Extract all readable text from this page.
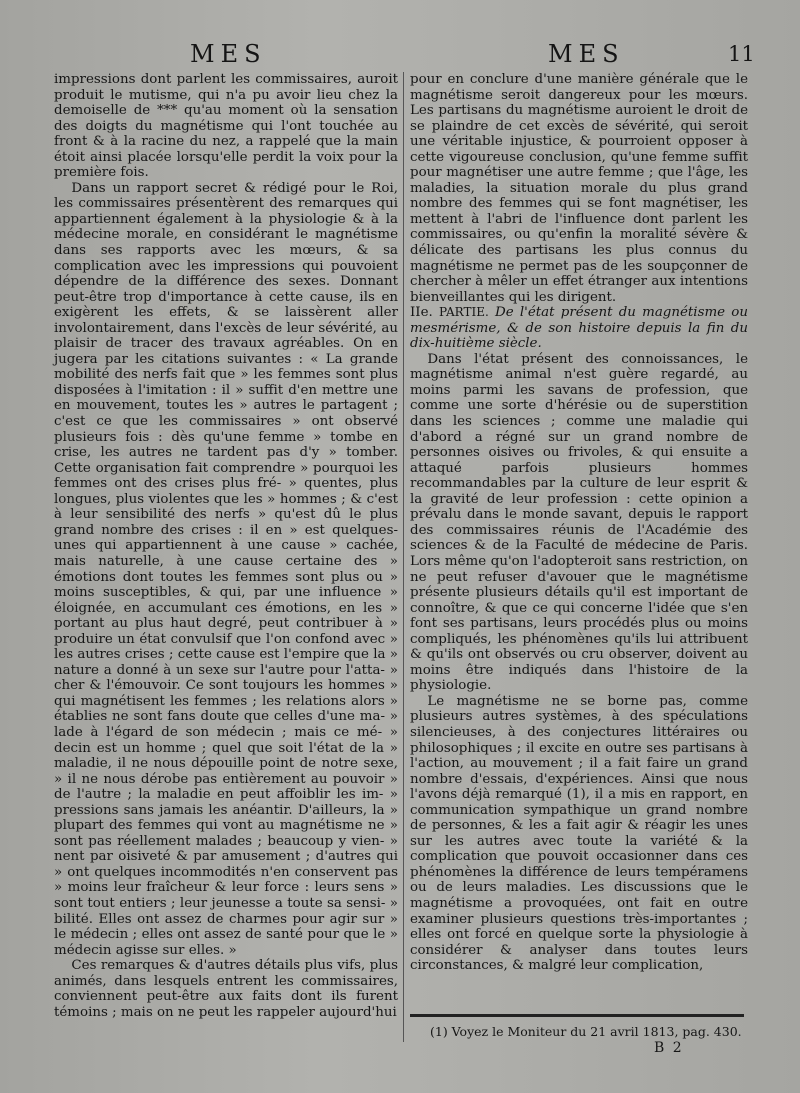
MES	MES	11

impressions dont parlent les commissaires, auroit produit le mutisme, qui n'a pu avoir lieu chez la demoiselle de *** qu'au moment où la sensation des doigts du magnétisme qui l'ont touchée au front & à la racine du nez, a rappelé que la main étoit ainsi placée lorsqu'elle perdit la voix pour la première fois.

Dans un rapport secret & rédigé pour le Roi, les commissaires présentèrent des remarques qui appartiennent également à la physiologie & à la médecine morale, en considérant le magnétisme dans ses rapports avec les mœurs, & sa complication avec les impressions qui pouvoient dépendre de la différence des sexes. Donnant peut-être trop d'importance à cette cause, ils en exigèrent les effets, & se laissèrent aller involontairement, dans l'excès de leur sévérité, au plaisir de tracer des travaux agréables. On en jugera par les citations suivantes : « La grande mobilité des nerfs fait que » les femmes sont plus disposées à l'imitation : il » suffit d'en mettre une en mouvement, toutes les » autres le partagent ; c'est ce que les commissaires » ont observé plusieurs fois : dès qu'une femme » tombe en crise, les autres ne tardent pas d'y » tomber. Cette organisation fait comprendre » pourquoi les femmes ont des crises plus fré- » quentes, plus longues, plus violentes que les » hommes ; & c'est à leur sensibilité des nerfs » qu'est dû le plus grand nombre des crises : il en » est quelques-unes qui appartiennent à une cause » cachée, mais naturelle, à une cause certaine des » émotions dont toutes les femmes sont plus ou » moins susceptibles, & qui, par une influence » éloignée, en accumulant ces émotions, en les » portant au plus haut degré, peut contribuer à » produire un état convulsif que l'on confond avec » les autres crises ; cette cause est l'empire que la » nature a donné à un sexe sur l'autre pour l'atta- » cher & l'émouvoir. Ce sont toujours les hommes » qui magnétisent les femmes ; les relations alors » établies ne sont fans doute que celles d'une ma- » lade à l'égard de son médecin ; mais ce mé- » decin est un homme ; quel que soit l'état de la » maladie, il ne nous dépouille point de notre sexe, » il ne nous dérobe pas entièrement au pouvoir » de l'autre ; la maladie en peut affoiblir les im- » pressions sans jamais les anéantir. D'ailleurs, la » plupart des femmes qui vont au magnétisme ne » sont pas réellement malades ; beaucoup y vien- » nent par oisiveté & par amusement ; d'autres qui » ont quelques incommodités n'en conservent pas » moins leur fraîcheur & leur force : leurs sens » sont tout entiers ; leur jeunesse a toute sa sensi- » bilité. Elles ont assez de charmes pour agir sur » le médecin ; elles ont assez de santé pour que le » médecin agisse sur elles. »

Ces remarques & d'autres détails plus vifs, plus animés, dans lesquels entrent les commissaires, conviennent peut-être aux faits dont ils furent témoins ; mais on ne peut les rappeler aujourd'hui

pour en conclure d'une manière générale que le magnétisme seroit dangereux pour les mœurs. Les partisans du magnétisme auroient le droit de se plaindre de cet excès de sévérité, qui seroit une véritable injustice, & pourroient opposer à cette vigoureuse conclusion, qu'une femme suffit pour magnétiser une autre femme ; que l'âge, les maladies, la situation morale du plus grand nombre des femmes qui se font magnétiser, les mettent à l'abri de l'influence dont parlent les commissaires, ou qu'enfin la moralité sévère & délicate des partisans les plus connus du magnétisme ne permet pas de les soupçonner de chercher à mêler un effet étranger aux intentions bienveillantes qui les dirigent.

IIe. PARTIE. De l'état présent du magnétisme ou mesmérisme, & de son histoire depuis la fin du dix-huitième siècle.

Dans l'état présent des connoissances, le magnétisme animal n'est guère regardé, au moins parmi les savans de profession, que comme une sorte d'hérésie ou de superstition dans les sciences ; comme une maladie qui d'abord a régné sur un grand nombre de personnes oisives ou frivoles, & qui ensuite a attaqué parfois plusieurs hommes recommandables par la culture de leur esprit & la gravité de leur profession : cette opinion a prévalu dans le monde savant, depuis le rapport des commissaires réunis de l'Académie des sciences & de la Faculté de médecine de Paris. Lors même qu'on l'adopteroit sans restriction, on ne peut refuser d'avouer que le magnétisme présente plusieurs détails qu'il est important de connoître, & que ce qui concerne l'idée que s'en font ses partisans, leurs procédés plus ou moins compliqués, les phénomènes qu'ils lui attribuent & qu'ils ont observés ou cru observer, doivent au moins être indiqués dans l'histoire de la physiologie.

Le magnétisme ne se borne pas, comme plusieurs autres systèmes, à des spéculations silencieuses, à des conjectures littéraires ou philosophiques ; il excite en outre ses partisans à l'action, au mouvement ; il a fait faire un grand nombre d'essais, d'expériences. Ainsi que nous l'avons déjà remarqué (1), il a mis en rapport, en communication sympathique un grand nombre de personnes, & les a fait agir & réagir les unes sur les autres avec toute la variété & la complication que pouvoit occasionner dans ces phénomènes la différence de leurs tempéramens ou de leurs maladies. Les discussions que le magnétisme a provoquées, ont fait en outre examiner plusieurs questions très-importantes ; elles ont forcé en quelque sorte la physiologie à considérer & analyser dans toutes leurs circonstances, & malgré leur complication,

(1) Voyez le Moniteur du 21 avril 1813, pag. 430.
B 2
